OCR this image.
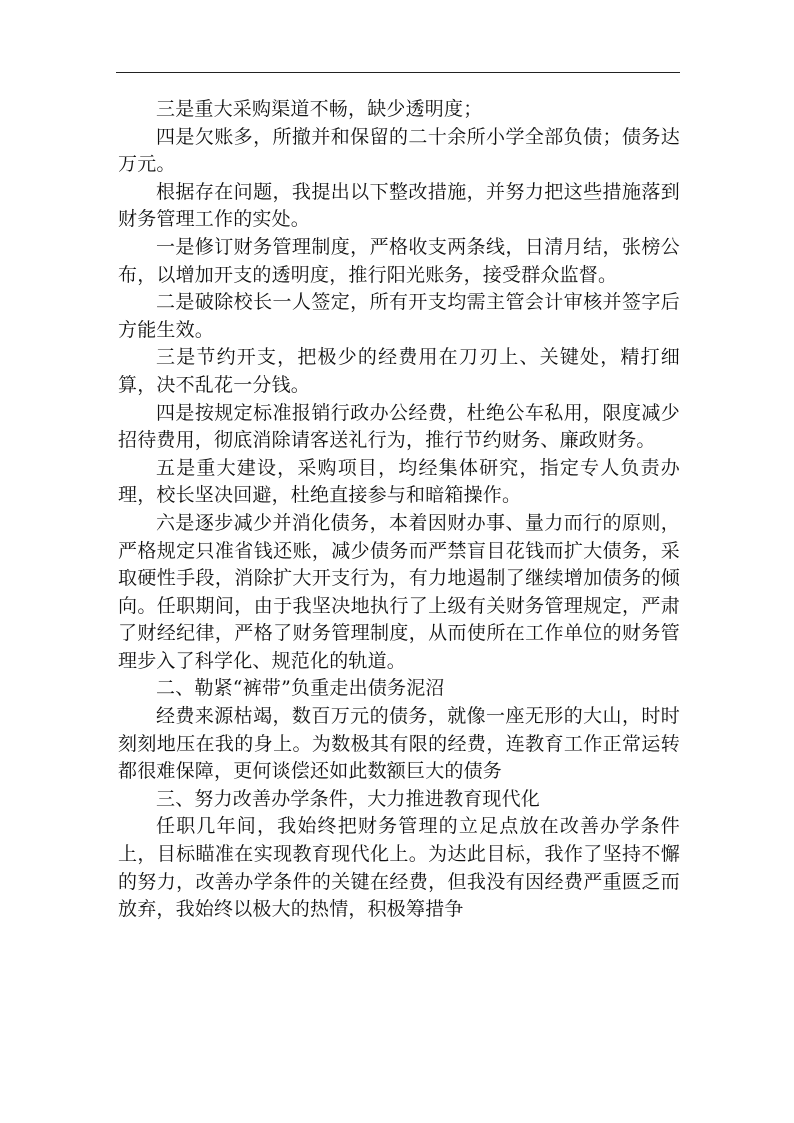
三是重大采购渠道不畅，缺少透明度；

四是欠账多，所撤并和保留的二十余所小学全部负债；债务达万元。

根据存在问题，我提出以下整改措施，并努力把这些措施落到财务管理工作的实处。

一是修订财务管理制度，严格收支两条线，日清月结，张榜公布，以增加开支的透明度，推行阳光账务，接受群众监督。

二是破除校长一人签定，所有开支均需主管会计审核并签字后方能生效。

三是节约开支，把极少的经费用在刀刃上、关键处，精打细算，决不乱花一分钱。

四是按规定标准报销行政办公经费，杜绝公车私用，限度减少招待费用，彻底消除请客送礼行为，推行节约财务、廉政财务。

五是重大建设，采购项目，均经集体研究，指定专人负责办理，校长坚决回避，杜绝直接参与和暗箱操作。

六是逐步减少并消化债务，本着因财办事、量力而行的原则，严格规定只准省钱还账，减少债务而严禁盲目花钱而扩大债务，采取硬性手段，消除扩大开支行为，有力地遏制了继续增加债务的倾向。任职期间，由于我坚决地执行了上级有关财务管理规定，严肃了财经纪律，严格了财务管理制度，从而使所在工作单位的财务管理步入了科学化、规范化的轨道。

二、勒紧“裤带”负重走出债务泥沼

经费来源枯竭，数百万元的债务，就像一座无形的大山，时时刻刻地压在我的身上。为数极其有限的经费，连教育工作正常运转都很难保障，更何谈偿还如此数额巨大的债务

三、努力改善办学条件，大力推进教育现代化

任职几年间，我始终把财务管理的立足点放在改善办学条件上，目标瞄准在实现教育现代化上。为达此目标，我作了坚持不懈的努力，改善办学条件的关键在经费，但我没有因经费严重匮乏而放弃，我始终以极大的热情，积极筹措争
